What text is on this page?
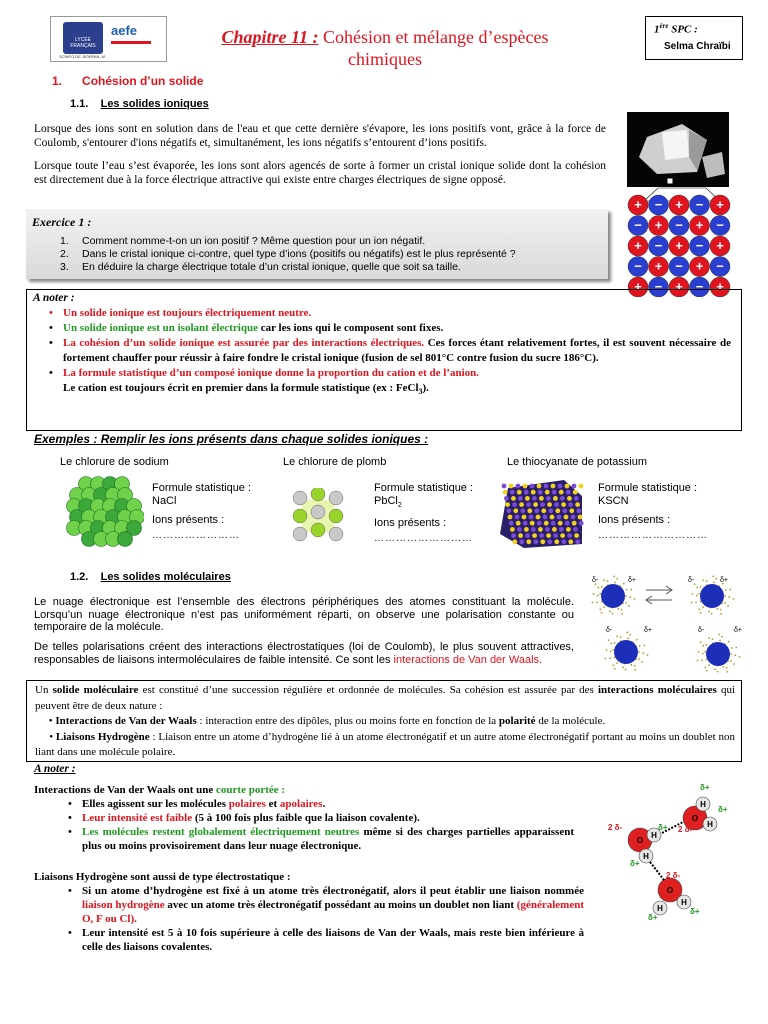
LYCÉE FRANÇAIS
aefe
SCINFO DE. BORFAN, M
Chapitre 11 : Cohésion et mélange d’espèces
chimiques
1ère SPC :
Selma Chraïbi
1. Cohésion d’un solide
1.1. Les solides ioniques

Lorsque des ions sont en solution dans de l'eau et que cette dernière s'évapore, les ions positifs vont, grâce à la force de Coulomb, s'entourer d'ions négatifs et, simultanément, les ions négatifs s’entourent d’ions positifs.

Lorsque toute l’eau s’est évaporée, les ions sont alors agencés de sorte à former un cristal ionique solide dont la cohésion est directement due à la force électrique attractive qui existe entre charges électriques de signe opposé.

+ − + − +
− + − + −
+ − + − +
− + − + −
+ − + − +
Exercice 1 :
1. Comment nomme-t-on un ion positif ? Même question pour un ion négatif.
2. Dans le cristal ionique ci-contre, quel type d’ions (positifs ou négatifs) est le plus représenté ?
3. En déduire la charge électrique totale d’un cristal ionique, quelle que soit sa taille.
A noter :
• Un solide ionique est toujours électriquement neutre.
• Un solide ionique est un isolant électrique car les ions qui le composent sont fixes.
• La cohésion d’un solide ionique est assurée par des interactions électriques. Ces forces étant relativement fortes, il est souvent nécessaire de fortement chauffer pour réussir à faire fondre le cristal ionique (fusion de sel 801°C contre fusion du sucre 186°C).
• La formule statistique d’un composé ionique donne la proportion du cation et de l’anion.
Le cation est toujours écrit en premier dans la formule statistique (ex : FeCl$_3$).
Exemples : Remplir les ions présents dans chaque solides ioniques :
Le chlorure de sodium
Formule statistique :
NaCl
Ions présents :
……………………
Le chlorure de plomb
Formule statistique :
PbCl$_2$
Ions présents :
………………………
Le thiocyanate de potassium
Formule statistique :
KSCN
Ions présents :
…………………………
1.2. Les solides moléculaires

Le nuage électronique est l’ensemble des électrons périphériques des atomes constituant la molécule. Lorsqu’un nuage électronique n’est pas uniformément réparti, on observe une polarisation constante ou temporaire de la molécule.

De telles polarisations créent des interactions électrostatiques (loi de Coulomb), le plus souvent attractives, responsables de liaisons intermoléculaires de faible intensité. Ce sont les interactions de Van der Waals.

δ-	δ+	δ-	δ+
δ-	δ+	δ-	δ+
Un solide moléculaire est constitué d’une succession régulière et ordonnée de molécules. Sa cohésion est assurée par des interactions moléculaires qui peuvent être de deux nature :
• Interactions de Van der Waals : interaction entre des dipôles, plus ou moins forte en fonction de la polarité de la molécule.
• Liaisons Hydrogène : Liaison entre un atome d’hydrogène lié à un atome électronégatif et un autre atome électronégatif portant au moins un doublet non liant dans une molécule polaire.
A noter :
Interactions de Van der Waals ont une courte portée :
• Elles agissent sur les molécules polaires et apolaires.
• Leur intensité est faible (5 à 100 fois plus faible que la liaison covalente).
• Les molécules restent globalement électriquement neutres même si des charges partielles apparaissent plus ou moins provisoirement dans leur nuage électronique.
Liaisons Hydrogène sont aussi de type électrostatique :
• Si un atome d’hydrogène est fixé à un atome très électronégatif, alors il peut établir une liaison nommée liaison hydrogène avec un atome très électronégatif possédant au moins un doublet non liant (généralement O, F ou Cl).
• Leur intensité est 5 à 10 fois supérieure à celle des liaisons de Van der Waals, mais reste bien inférieure à celle des liaisons covalentes.
O
H
H
O
H
H
O
H
H
δ+
δ+
2 δ-
2 δ-	δ+
δ+
2 δ-
δ+
δ+
